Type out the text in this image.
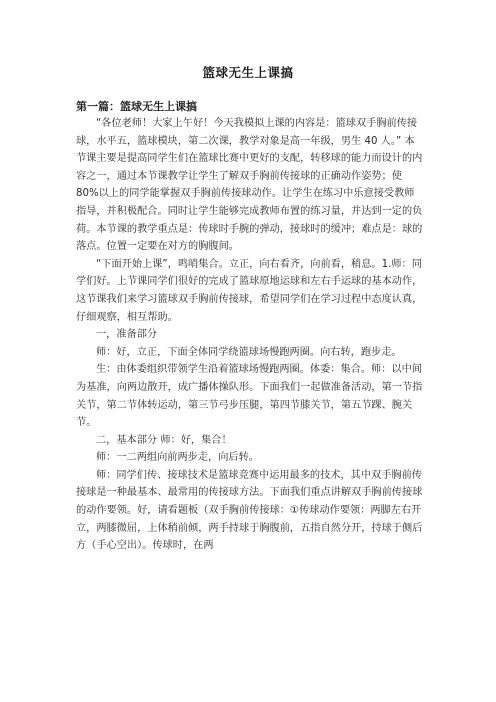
篮球无生上课搞
第一篇：篮球无生上课搞

“各位老师！大家上午好！今天我模拟上课的内容是：篮球双手胸前传接球，水平五，篮球模块，第二次课，教学对象是高一年级，男生 40 人。” 本节课主要是提高同学生们在篮球比赛中更好的支配，转移球的能力而设计的内容之一，通过本节课教学让学生了解双手胸前传接球的正确动作姿势；使 80%以上的同学能掌握双手胸前传接球动作。让学生在练习中乐意接受教师指导，并积极配合。同时让学生能够完成教师布置的练习量，并达到一定的负荷。本节课的教学重点是：传球时手腕的弹动，接球时的缓冲；难点是：球的落点。位置一定要在对方的胸腹间。

“下面开始上课”，鸣哨集合。立正，向右看齐，向前看，稍息。1.师：同学们好。上节课同学们很好的完成了篮球原地运球和左右手运球的基本动作，这节课我们来学习篮球双手胸前传接球，希望同学们在学习过程中态度认真，仔细观察，相互帮助。

一，准备部分

师：好，立正，下面全体同学绕篮球场慢跑两圈。向右转，跑步走。

生：由体委组织带领学生沿着篮球场慢跑两圈。体委：集合。师：以中间为基准，向两边散开，成广播体操队形。下面我们一起做准备活动，第一节指关节，第二节体转运动，第三节弓步压腿，第四节膝关节，第五节踝、腕关节。

二，基本部分 师：好，集合！

师：一二两组向前两步走，向后转。

师：同学们传、接球技术是篮球竞赛中运用最多的技术，其中双手胸前传接球是一种最基本、最常用的传接球方法。下面我们重点讲解双手胸前传接球的动作要领。好，请看题板（双手胸前传接球：①传球动作要领：两脚左右开立，两膝微屈，上体稍前倾，两手持球于胸腹前，五指自然分开，持球于侧后方（手心空出）。传球时，在两
